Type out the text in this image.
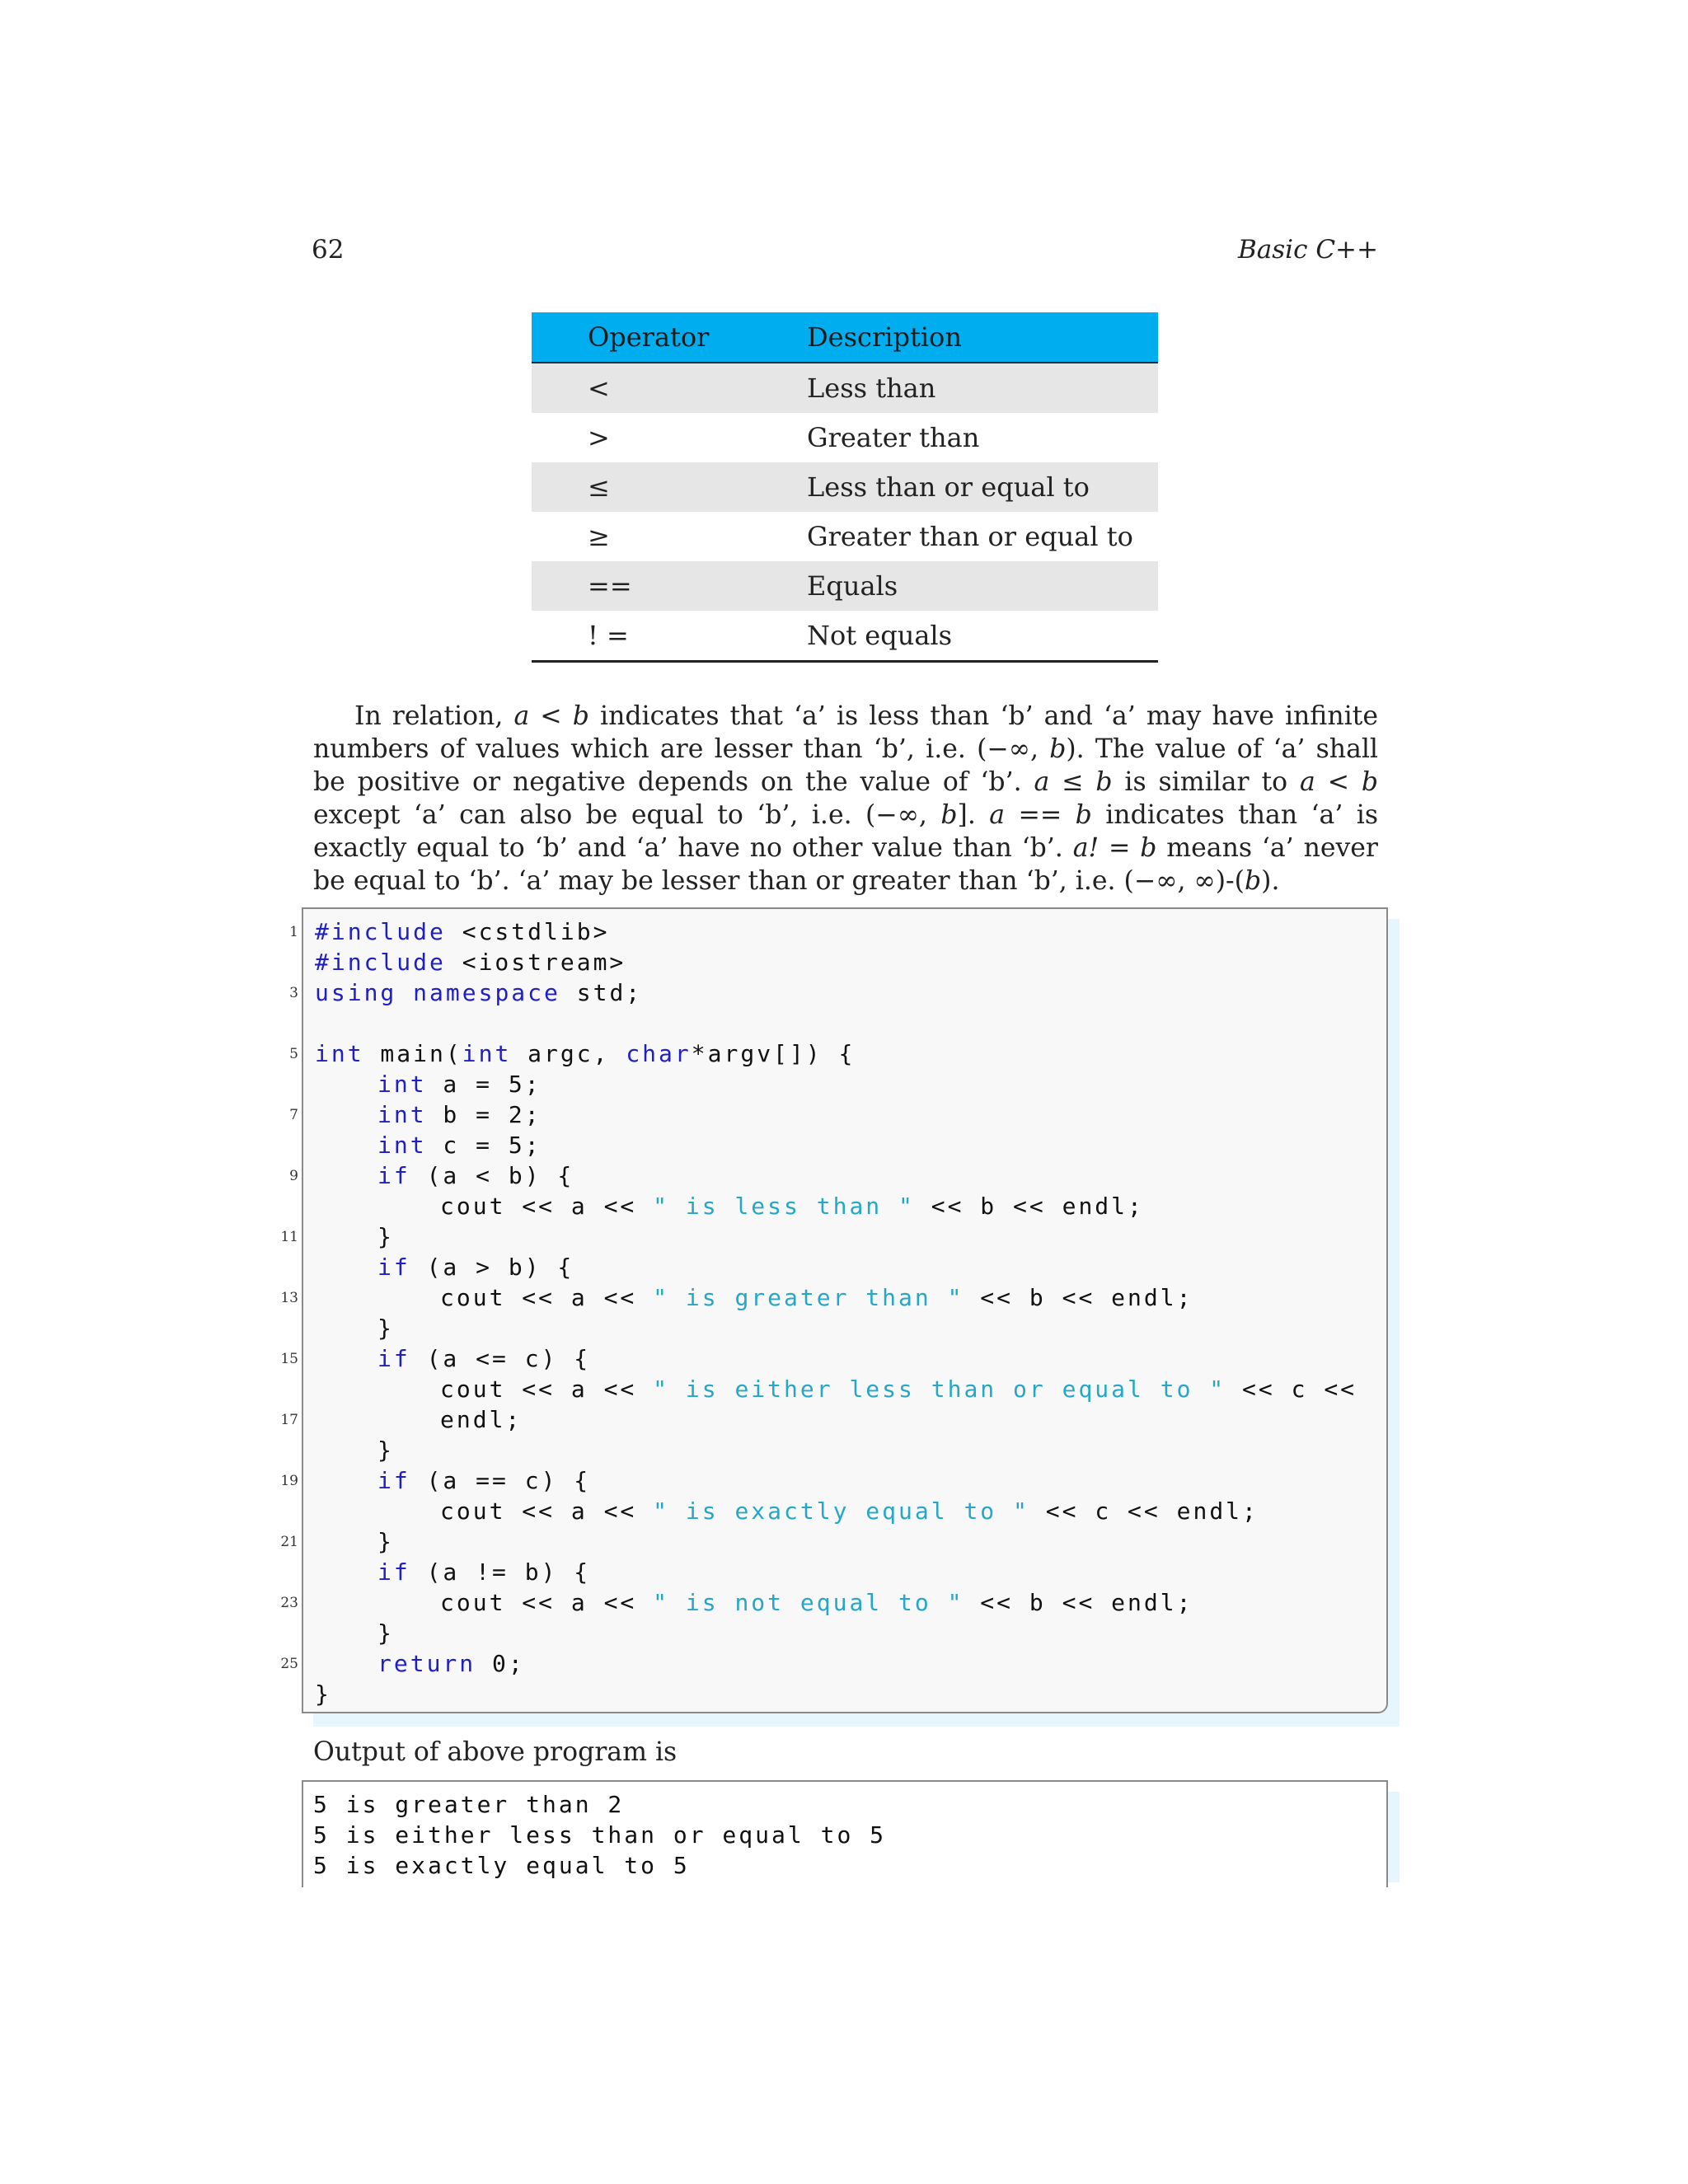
62	Basic C++
Operator	Description
<	Less than
>	Greater than
≤	Less than or equal to
≥	Greater than or equal to
==	Equals
! =	Not equals

In relation, a < b indicates that ‘a’ is less than ‘b’ and ‘a’ may have infinite numbers of values which are lesser than ‘b’, i.e. (−∞, b). The value of ‘a’ shall be positive or negative depends on the value of ‘b’. a ≤ b is similar to a < b except ‘a’ can also be equal to ‘b’, i.e. (−∞, b]. a == b indicates than ‘a’ is exactly equal to ‘b’ and ‘a’ have no other value than ‘b’. a! = b means ‘a’ never be equal to ‘b’. ‘a’ may be lesser than or greater than ‘b’, i.e. (−∞, ∞)-(b).

1
3
5
7
9
11
13
15
17
19
21
23
25
#include <cstdlib>
#include <iostream>
using namespace std;
int main(int argc, char*argv[]) {
int a = 5;
int b = 2;
int c = 5;
if (a < b) {
cout << a << " is less than " << b << endl;
}
if (a > b) {
cout << a << " is greater than " << b << endl;
}
if (a <= c) {
cout << a << " is either less than or equal to " << c <<
endl;
}
if (a == c) {
cout << a << " is exactly equal to " << c << endl;
}
if (a != b) {
cout << a << " is not equal to " << b << endl;
}
return 0;
}
Output of above program is
5 is greater than 2
5 is either less than or equal to 5
5 is exactly equal to 5
